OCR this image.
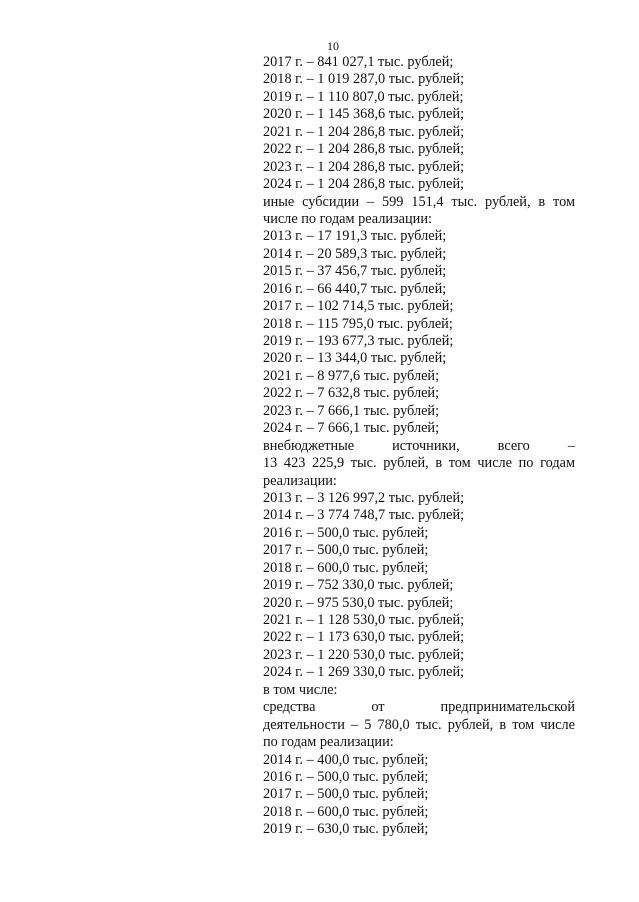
10
2017 г. – 841 027,1 тыс. рублей;
2018 г. – 1 019 287,0 тыс. рублей;
2019 г. – 1 110 807,0 тыс. рублей;
2020 г. – 1 145 368,6 тыс. рублей;
2021 г. – 1 204 286,8 тыс. рублей;
2022 г. – 1 204 286,8 тыс. рублей;
2023 г. – 1 204 286,8 тыс. рублей;
2024 г. – 1 204 286,8 тыс. рублей;
иные субсидии – 599 151,4 тыс. рублей, в том
числе по годам реализации:
2013 г. – 17 191,3 тыс. рублей;
2014 г. – 20 589,3 тыс. рублей;
2015 г. – 37 456,7 тыс. рублей;
2016 г. – 66 440,7 тыс. рублей;
2017 г. – 102 714,5 тыс. рублей;
2018 г. – 115 795,0 тыс. рублей;
2019 г. – 193 677,3 тыс. рублей;
2020 г. – 13 344,0 тыс. рублей;
2021 г. – 8 977,6 тыс. рублей;
2022 г. – 7 632,8 тыс. рублей;
2023 г. – 7 666,1 тыс. рублей;
2024 г. – 7 666,1 тыс. рублей;
внебюджетные источники, всего –
13 423 225,9 тыс. рублей, в том числе по годам
реализации:
2013 г. – 3 126 997,2 тыс. рублей;
2014 г. – 3 774 748,7 тыс. рублей;
2016 г. – 500,0 тыс. рублей;
2017 г. – 500,0 тыс. рублей;
2018 г. – 600,0 тыс. рублей;
2019 г. – 752 330,0 тыс. рублей;
2020 г. – 975 530,0 тыс. рублей;
2021 г. – 1 128 530,0 тыс. рублей;
2022 г. – 1 173 630,0 тыс. рублей;
2023 г. – 1 220 530,0 тыс. рублей;
2024 г. – 1 269 330,0 тыс. рублей;
в том числе:
средства от предпринимательской
деятельности – 5 780,0 тыс. рублей, в том числе
по годам реализации:
2014 г. – 400,0 тыс. рублей;
2016 г. – 500,0 тыс. рублей;
2017 г. – 500,0 тыс. рублей;
2018 г. – 600,0 тыс. рублей;
2019 г. – 630,0 тыс. рублей;
